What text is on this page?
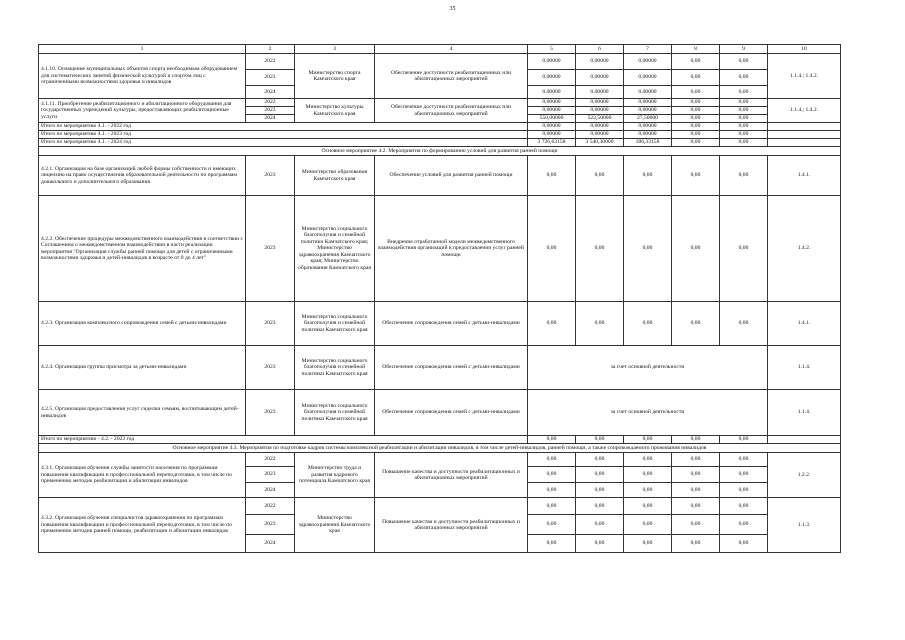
35
1	2	3	4	5	6	7	8	9	10
4.1.10. Оснащение муниципальных объектов спорта необходимым оборудованием для систематических занятий физической культурой и спортом лиц с ограниченными возможностями здоровья и инвалидов	2022	Министерство спорта Камчатского края	Обеспечение доступности реабилитационных или абилитационных мероприятий	0,00000	0,00000	0,00000	0,00	0,00	1.1.4.; 1.4.2.
	2023			0,00000	0,00000	0,00000	0,00	0,00	
	2024			0,00000	0,00000	0,00000	0,00	0,00	
4.1.11. Приобретение реабилитационного и абилитационного оборудования для государственных учреждений культуры, предоставляющих реабилитационные услуги	2022	Министерство культуры Камчатского края	Обеспечение доступности реабилитационных или абилитационных мероприятий	0,00000	0,00000	0,00000	0,00	0,00	1.1.4.; 1.4.2.
	2023			0,00000	0,00000	0,00000	0,00	0,00	
	2024			550,00000	522,50000	27,50000	0,00	0,00	
Итого по мероприятию 4.1. - 2022 год				0,00000	0,00000	0,00000	0,00	0,00	
Итого по мероприятию 4.1. - 2023 год				0,00000	0,00000	0,00000	0,00	0,00	
Итого по мероприятию 4.1. - 2024 год				3 726,63158	3 540,30000	186,33158	0,00	0,00	
Основное мероприятие 4.2. Мероприятия по формированию условий для развития ранней помощи									
4.2.1. Организация на базе организаций любой формы собственности и имеющих лицензию на право осуществления образовательной деятельности по программам дошкольного и дополнительного образования	2023	Министерство образования Камчатского края	Обеспечение условий для развития ранней помощи	0,00	0,00	0,00	0,00	0,00	1.4.1.
4.2.2. Обеспечение процедуры межведомственного взаимодействия в соответствии с Соглашением о межведомственном взаимодействии в части реализации мероприятия "Организация службы ранней помощи для детей с ограниченными возможностями здоровья и детей-инвалидов в возрасте от 0 до 4 лет"	2023	Министерство социального благополучия и семейной политики Камчатского края; Министерство здравоохранения Камчатского края; Министерство образования Камчатского края	Внедрение отработанной модели межведомственного взаимодействия организаций в предоставлении услуг ранней помощи	0,00	0,00	0,00	0,00	0,00	1.4.2.
4.2.3. Организация комплексного сопровождения семей с детьми-инвалидами	2023	Министерство социального благополучия и семейной политики Камчатского края	Обеспечение сопровождения семей с детьми-инвалидами	0,00	0,00	0,00	0,00	0,00	1.4.1.
4.2.4. Организация группы присмотра за детьми-инвалидами	2023	Министерство социального благополучия и семейной политики Камчатского края	Обеспечение сопровождения семей с детьми-инвалидами	за счет основной деятельности					1.1.4.
4.2.5. Организация предоставления услуг сиделки семьям, воспитывающим детей-инвалидов	2023	Министерство социального благополучия и семейной политики Камчатского края	Обеспечение сопровождения семей с детьми-инвалидами	за счет основной деятельности					1.1.4.
Итого по мероприятию - 4.2. - 2023 год				0,00	0,00	0,00	0,00	0,00	
Основное мероприятие 4.3. Мероприятия по подготовке кадров системы комплексной реабилитации и абилитации инвалидов, в том числе детей-инвалидов, ранней помощи, а также сопровождаемого проживания инвалидов									
4.3.1. Организация обучения службы занятости населения по программам повышения квалификации и профессиональной переподготовки, в том числе по применению методик реабилитации и абилитации инвалидов	2022	Министерство труда и развития кадрового потенциала Камчатского края	Повышение качества и доступности реабилитационных и абилитационных мероприятий	0,00	0,00	0,00	0,00	0,00	1.2.2.
	2023			0,00	0,00	0,00	0,00	0,00	
	2024			0,00	0,00	0,00	0,00	0,00	
4.3.2. Организация обучения специалистов здравоохранения по программам повышения квалификации и профессиональной переподготовки, в том числе по применению методик ранней помощи, реабилитации и абилитации инвалидов	2022	Министерство здравоохранения Камчатского края	Повышение качества и доступности реабилитационных и абилитационных мероприятий	0,00	0,00	0,00	0,00	0,00	1.1.3.
	2023			0,00	0,00	0,00	0,00	0,00	
	2024			0,00	0,00	0,00	0,00	0,00	
